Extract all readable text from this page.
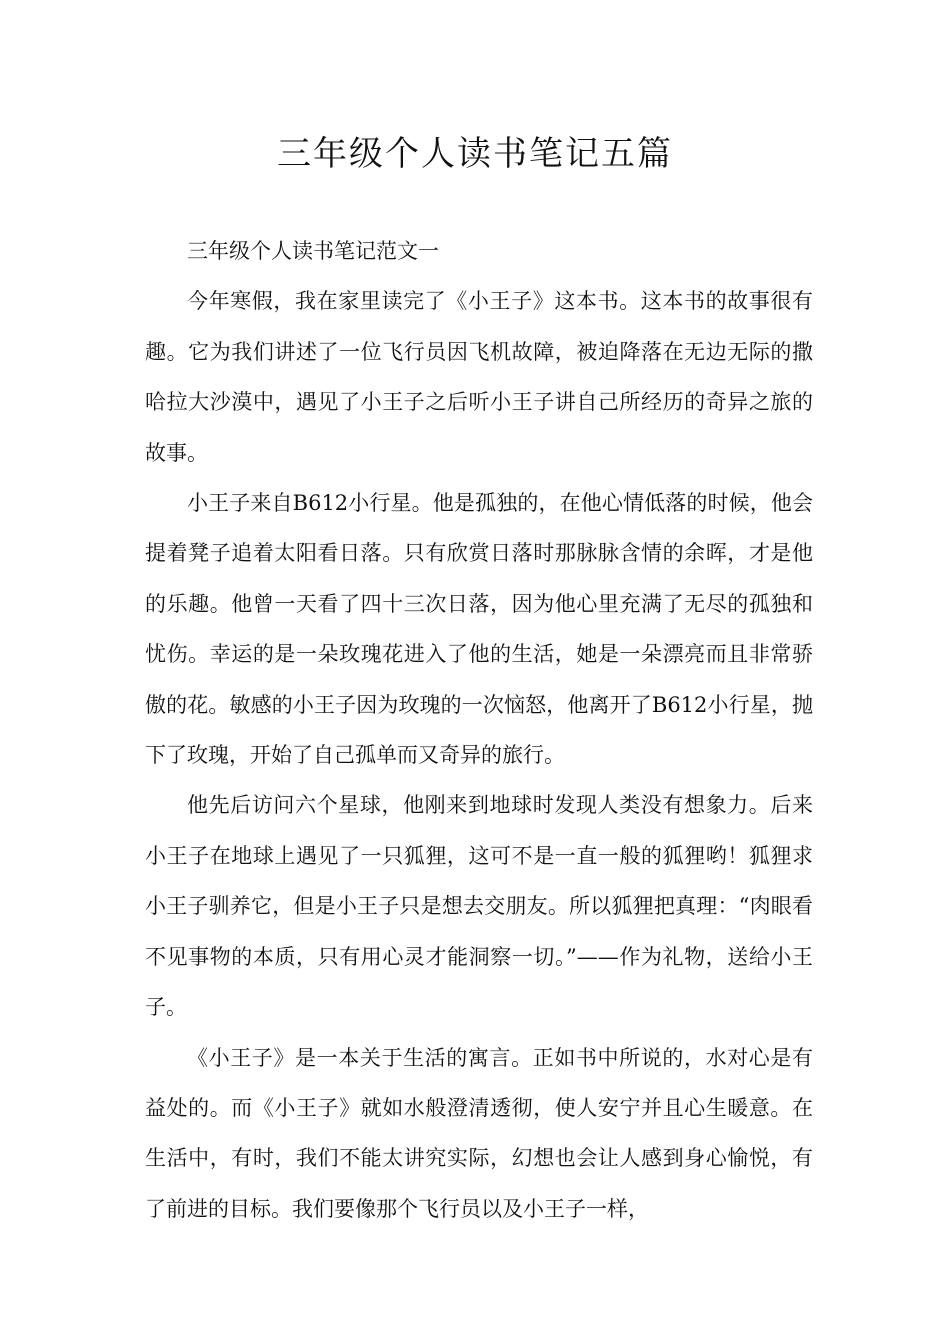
三年级个人读书笔记五篇

三年级个人读书笔记范文一

今年寒假，我在家里读完了《小王子》这本书。这本书的故事很有趣。它为我们讲述了一位飞行员因飞机故障，被迫降落在无边无际的撒哈拉大沙漠中，遇见了小王子之后听小王子讲自己所经历的奇异之旅的故事。

小王子来自B612小行星。他是孤独的，在他心情低落的时候，他会提着凳子追着太阳看日落。只有欣赏日落时那脉脉含情的余晖，才是他的乐趣。他曾一天看了四十三次日落，因为他心里充满了无尽的孤独和忧伤。幸运的是一朵玫瑰花进入了他的生活，她是一朵漂亮而且非常骄傲的花。敏感的小王子因为玫瑰的一次恼怒，他离开了B612小行星，抛下了玫瑰，开始了自己孤单而又奇异的旅行。

他先后访问六个星球，他刚来到地球时发现人类没有想象力。后来小王子在地球上遇见了一只狐狸，这可不是一直一般的狐狸哟！狐狸求小王子驯养它，但是小王子只是想去交朋友。所以狐狸把真理：“肉眼看不见事物的本质，只有用心灵才能洞察一切。”——作为礼物，送给小王子。

《小王子》是一本关于生活的寓言。正如书中所说的，水对心是有益处的。而《小王子》就如水般澄清透彻，使人安宁并且心生暖意。在生活中，有时，我们不能太讲究实际，幻想也会让人感到身心愉悦，有了前进的目标。我们要像那个飞行员以及小王子一样，
